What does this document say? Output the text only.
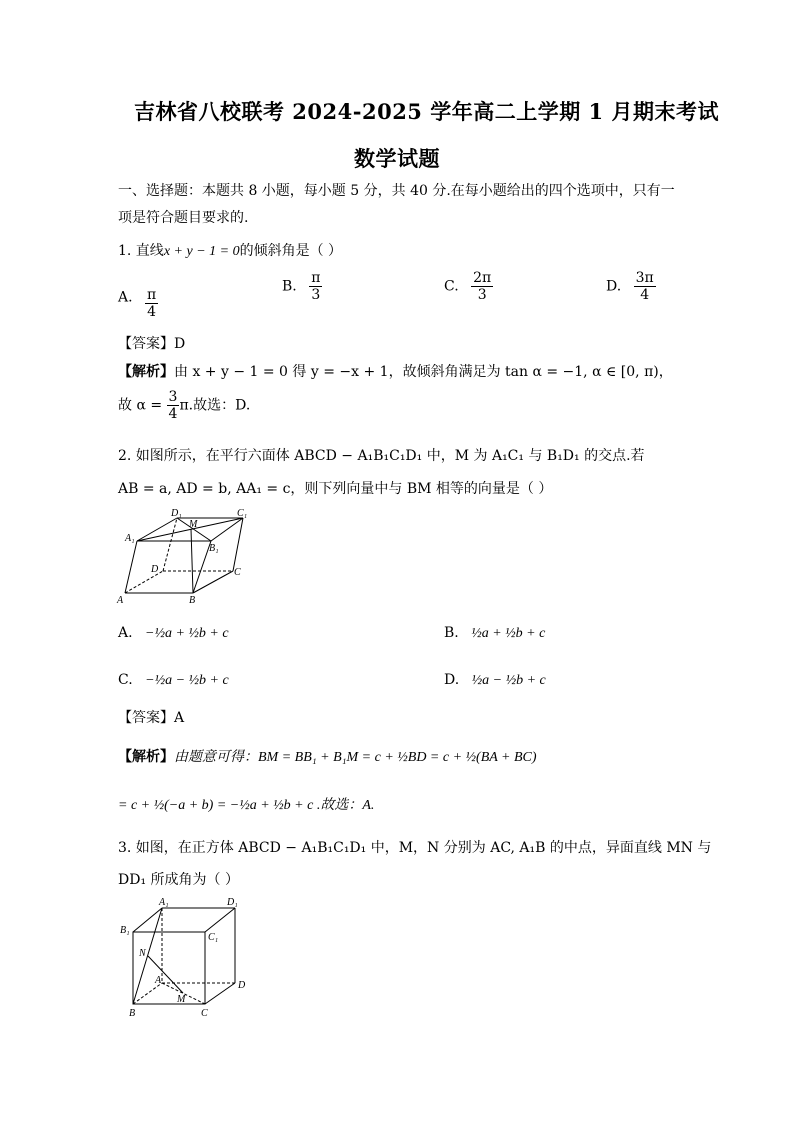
吉林省八校联考 2024-2025 学年高二上学期 1 月期末考试
数学试题
一、选择题：本题共 8 小题，每小题 5 分，共 40 分.在每小题给出的四个选项中，只有一
项是符合题目要求的.
1. 直线x + y − 1 = 0的倾斜角是（ ）
A. $\frac{\pi}{4}$
B. $\frac{\pi}{3}$	C. $\frac{2\pi}{3}$	D. $\frac{3\pi}{4}$
【答案】D
【解析】由 x + y − 1 = 0 得 y = −x + 1，故倾斜角满足为 tan α = −1, α ∈ [0, π)，
故 $\alpha = \frac{3}{4} \pi$.故选：D.
2. 如图所示，在平行六面体 ABCD − A₁B₁C₁D₁ 中，M 为 A₁C₁ 与 B₁D₁ 的交点.若
AB = a, AD = b, AA₁ = c，则下列向量中与 BM 相等的向量是（ ）
A	B
C
D
A₁
B₁
C₁
D₁
M
A. −½a + ½b + c	B. ½a + ½b + c
C. −½a − ½b + c	D. ½a − ½b + c
【答案】A
【解析】由题意可得：BM = BB₁ + B₁M = c + ½BD = c + ½(BA + BC)
= c + ½(−a + b) = −½a + ½b + c .故选：A.
3. 如图，在正方体 ABCD − A₁B₁C₁D₁ 中，M，N 分别为 AC, A₁B 的中点，异面直线 MN 与
DD₁ 所成角为（ ）
A₁	D₁
B₁
C₁
N
A	D
M
B	C
